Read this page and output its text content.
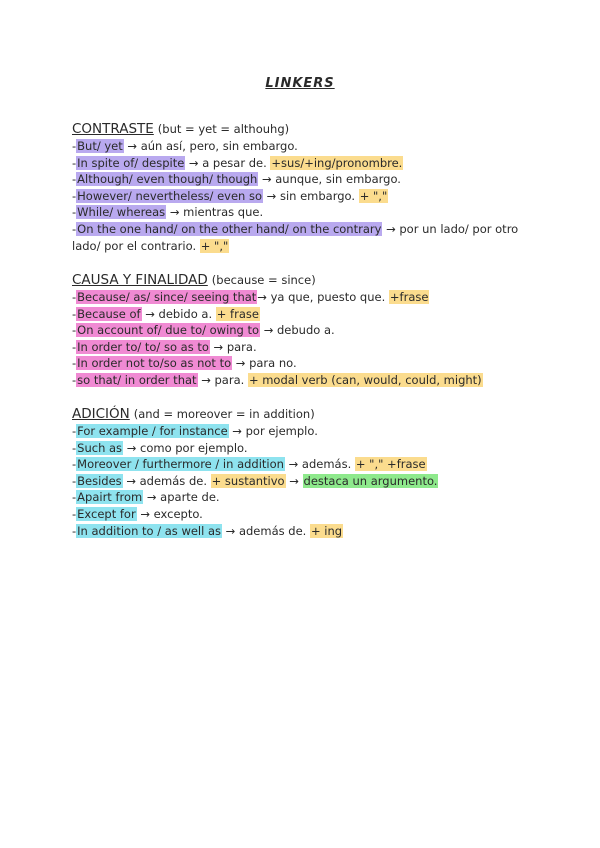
LINKERS
CONTRASTE (but = yet = althouhg)
-But/ yet → aún así, pero, sin embargo.
-In spite of/ despite → a pesar de. +sus/+ing/pronombre.
-Although/ even though/ though → aunque, sin embargo.
-However/ nevertheless/ even so → sin embargo. + ","
-While/ whereas → mientras que.
-On the one hand/ on the other hand/ on the contrary → por un lado/ por otro lado/ por el contrario. + ","
CAUSA Y FINALIDAD (because = since)
-Because/ as/ since/ seeing that→ ya que, puesto que. +frase
-Because of → debido a. + frase
-On account of/ due to/ owing to → debudo a.
-In order to/ to/ so as to → para.
-In order not to/so as not to → para no.
-so that/ in order that → para. + modal verb (can, would, could, might)
ADICIÓN (and = moreover = in addition)
-For example / for instance → por ejemplo.
-Such as → como por ejemplo.
-Moreover / furthermore / in addition → además. + "," +frase
-Besides → además de. + sustantivo → destaca un argumento.
-Apairt from → aparte de.
-Except for → excepto.
-In addition to / as well as → además de. + ing
